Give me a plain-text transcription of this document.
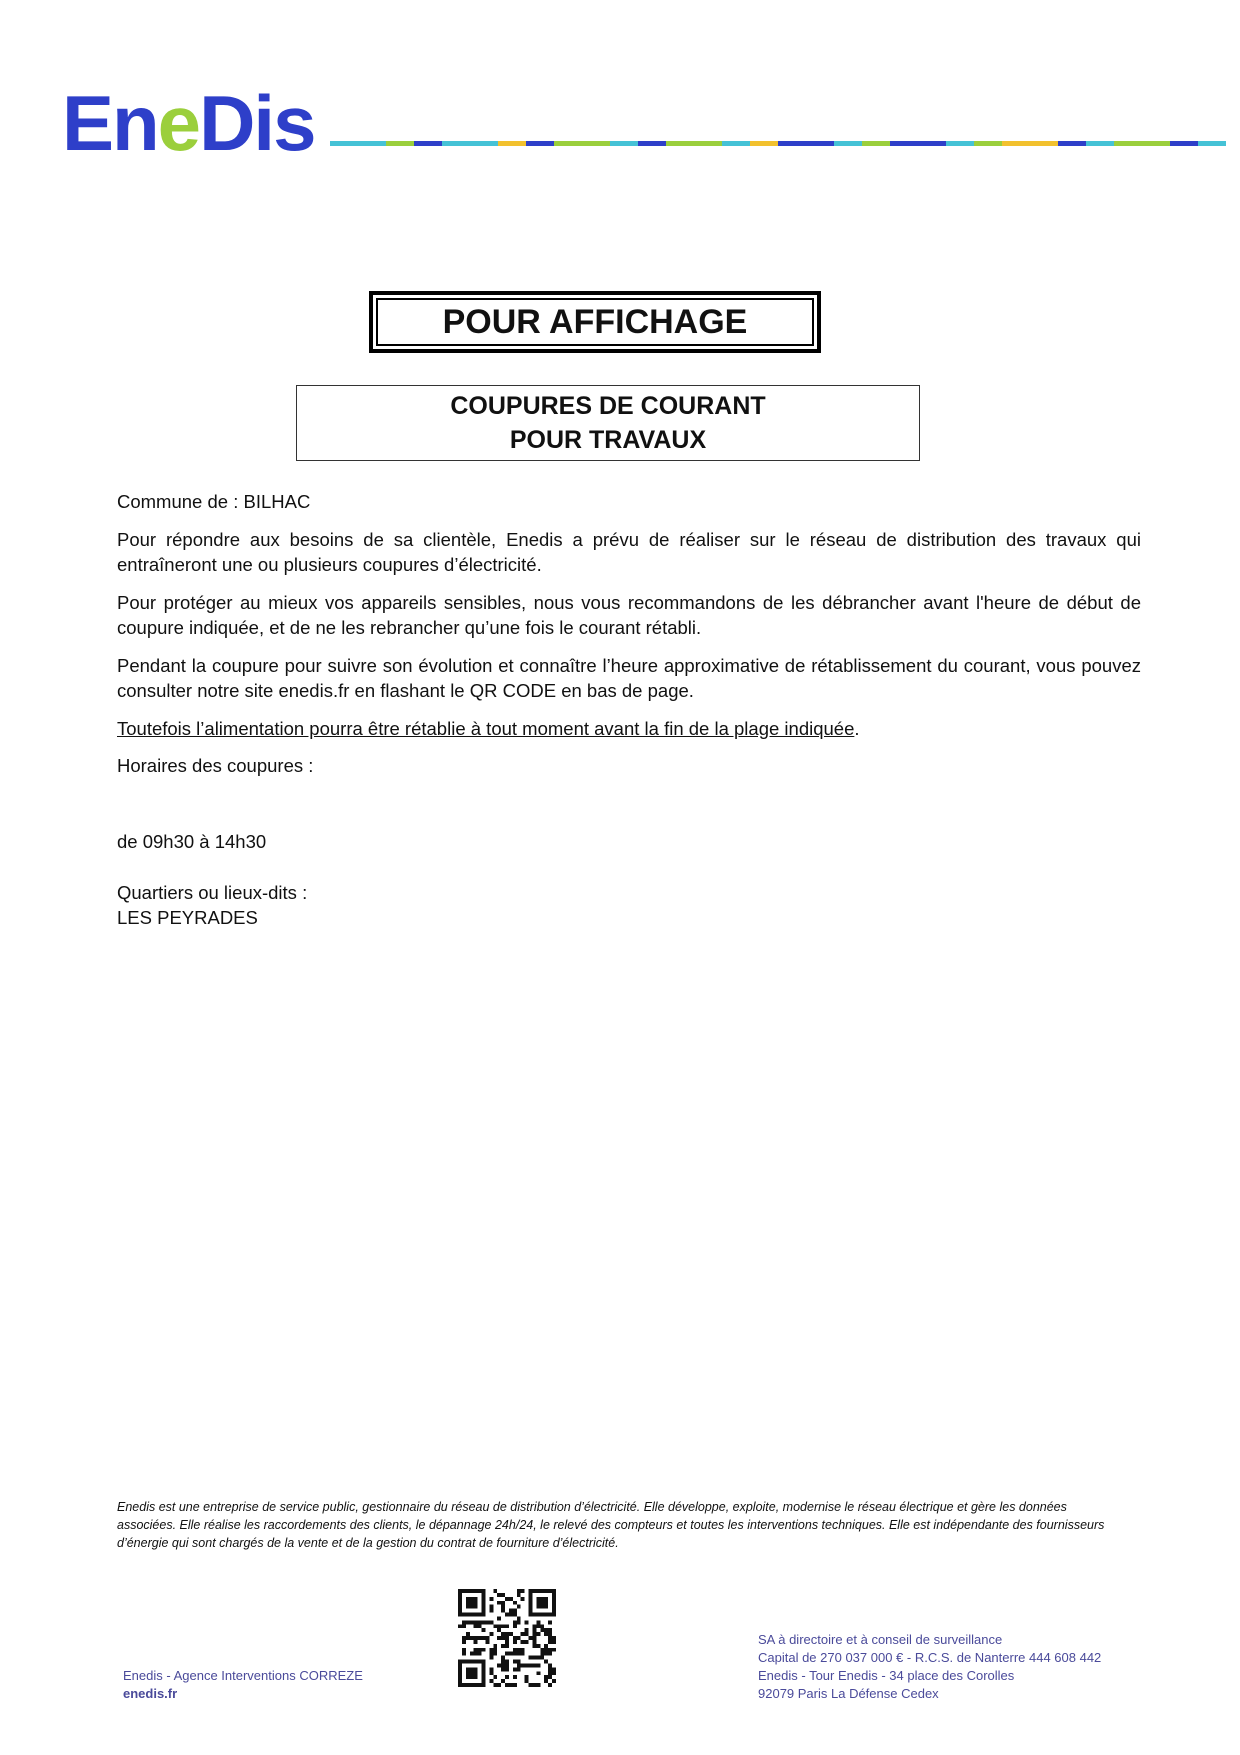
EneDis
POUR AFFICHAGE
COUPURES DE COURANT
POUR TRAVAUX
Commune de : BILHAC
Pour répondre aux besoins de sa clientèle, Enedis a prévu de réaliser sur le réseau de distribution des travaux qui entraîneront une ou plusieurs coupures d’électricité.
Pour protéger au mieux vos appareils sensibles, nous vous recommandons de les débrancher avant l'heure de début de coupure indiquée, et de ne les rebrancher qu’une fois le courant rétabli.
Pendant la coupure pour suivre son évolution et connaître l’heure approximative de rétablissement du courant, vous pouvez consulter notre site enedis.fr en flashant le QR CODE en bas de page.
Toutefois l’alimentation pourra être rétablie à tout moment avant la fin de la plage indiquée.
Horaires des coupures :
de 09h30 à 14h30
Quartiers ou lieux-dits :
LES PEYRADES
Enedis est une entreprise de service public, gestionnaire du réseau de distribution d’électricité. Elle développe, exploite, modernise le réseau électrique et gère les données associées. Elle réalise les raccordements des clients, le dépannage 24h/24, le relevé des compteurs et toutes les interventions techniques. Elle est indépendante des fournisseurs d’énergie qui sont chargés de la vente et de la gestion du contrat de fourniture d’électricité.
Enedis - Agence Interventions CORREZE
enedis.fr
SA à directoire et à conseil de surveillance
Capital de 270 037 000 € - R.C.S. de Nanterre 444 608 442
Enedis - Tour Enedis - 34 place des Corolles
92079 Paris La Défense Cedex
